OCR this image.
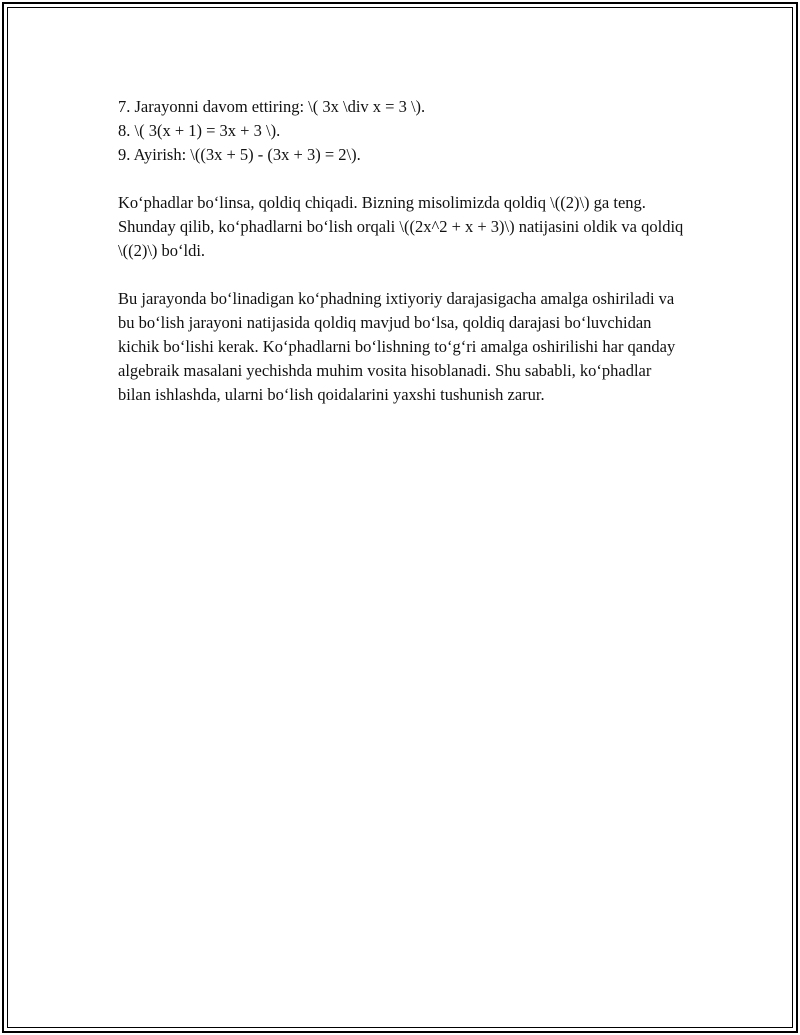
7. Jarayonni davom ettiring: \( 3x \div x = 3 \).
8. \( 3(x + 1) = 3x + 3 \).
9. Ayirish: \((3x + 5) - (3x + 3) = 2\).

Koʻphadlar boʻlinsa, qoldiq chiqadi. Bizning misolimizda qoldiq \((2)\) ga teng. Shunday qilib, koʻphadlarni boʻlish orqali \((2x^2 + x + 3)\) natijasini oldik va qoldiq \((2)\) boʻldi.

Bu jarayonda boʻlinadigan koʻphadning ixtiyoriy darajasigacha amalga oshiriladi va bu boʻlish jarayoni natijasida qoldiq mavjud boʻlsa, qoldiq darajasi boʻluvchidan kichik boʻlishi kerak. Koʻphadlarni boʻlishning toʻgʻri amalga oshirilishi har qanday algebraik masalani yechishda muhim vosita hisoblanadi. Shu sababli, koʻphadlar bilan ishlashda, ularni boʻlish qoidalarini yaxshi tushunish zarur.
